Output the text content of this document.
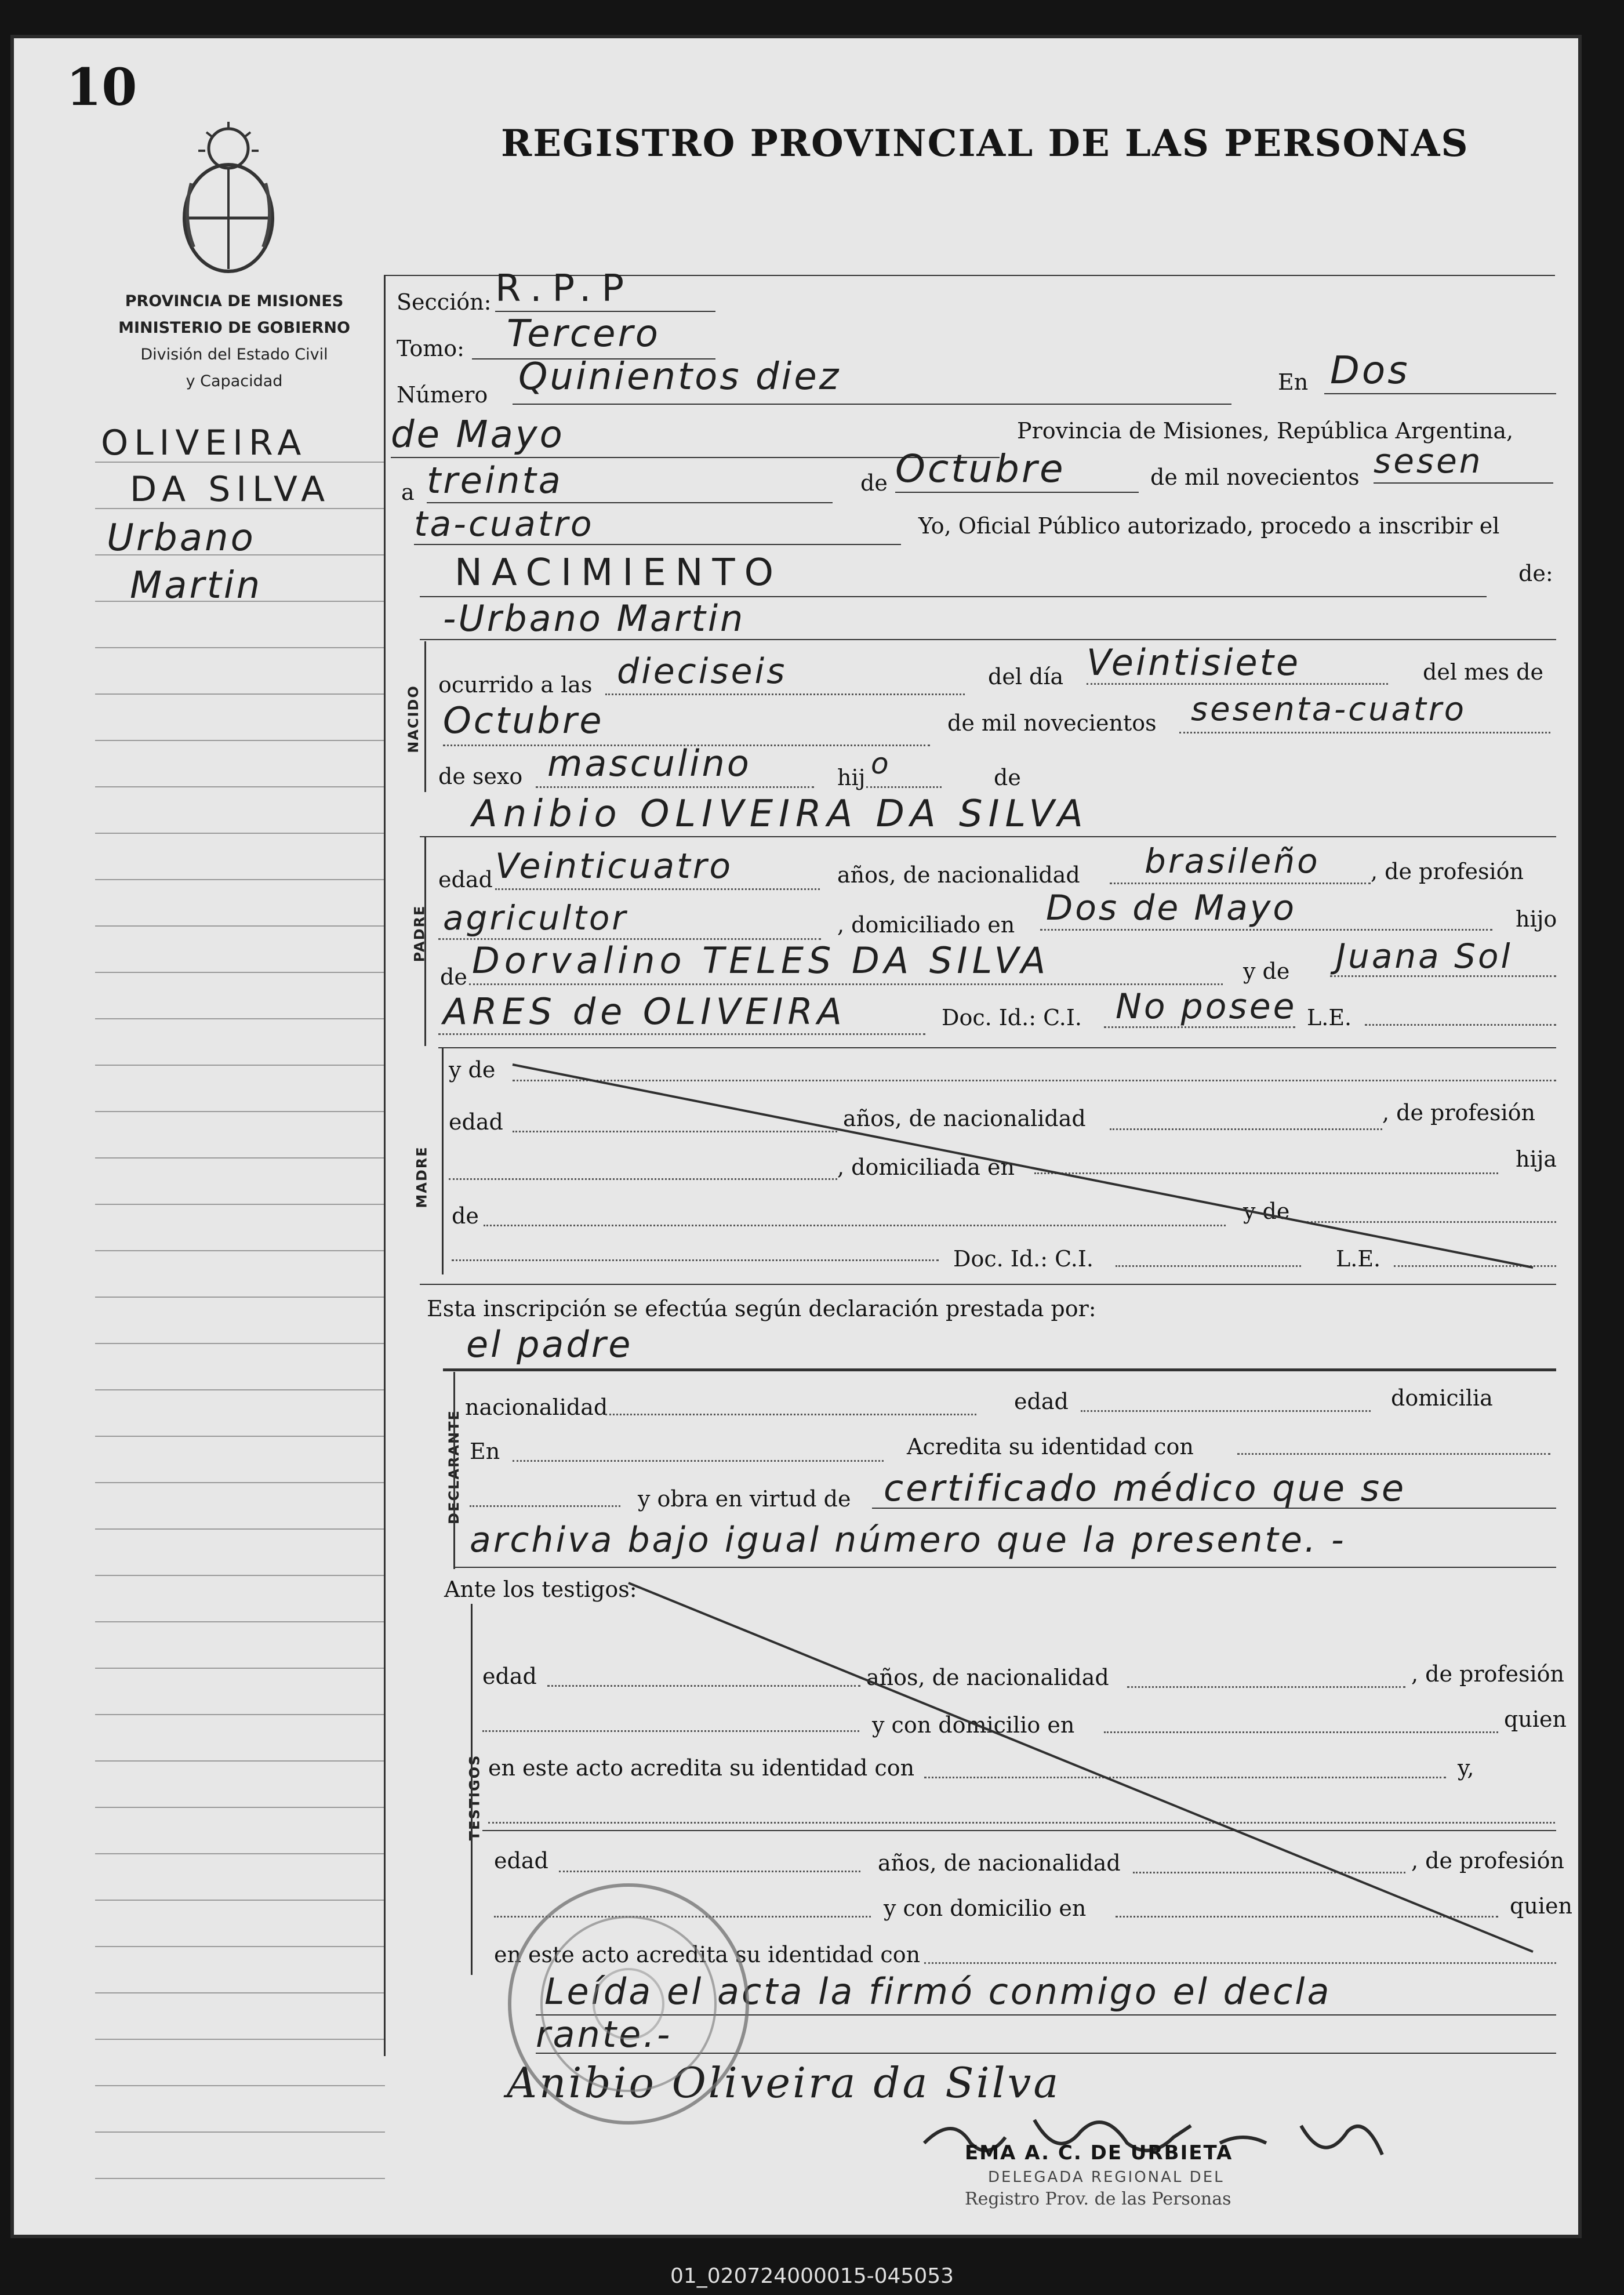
10
REGISTRO PROVINCIAL DE LAS PERSONAS
PROVINCIA DE MISIONES
MINISTERIO DE GOBIERNO
División del Estado Civil
y Capacidad
OLIVEIRA
DA SILVA
Urbano
Martin
Sección: R.P.P
Tomo: Tercero
Número Quinientos diez	En Dos
de Mayo	Provincia de Misiones, República Argentina,
a treinta	de Octubre	de mil novecientos sesen
ta-cuatro	Yo, Oficial Público autorizado, procedo a inscribir el
NACIMIENTO	de:
-Urbano Martin
NACIDO
ocurrido a las dieciseis	del día Veintisiete	del mes de
Octubre	de mil novecientos sesenta-cuatro
de sexo masculino	hij o	de
Anibio OLIVEIRA DA SILVA
PADRE
edad Veinticuatro	años, de nacionalidad brasileño , de profesión
agricultor	, domiciliado en Dos de Mayo	hijo
de Dorvalino TELES DA SILVA	y de Juana Sol
ARES de OLIVEIRA	Doc. Id.: C.I. No posee L.E.
MADRE
y de
edad	años, de nacionalidad	, de profesión
, domiciliada en	hija
de	y de
Doc. Id.: C.I.	L.E.
Esta inscripción se efectúa según declaración prestada por:
el padre
DECLARANTE
nacionalidad	edad	domicilia
En	Acredita su identidad con
y obra en virtud de certificado médico que se
archiva bajo igual número que la presente. -
Ante los testigos:
TESTIGOS
edad	años, de nacionalidad	, de profesión
y con domicilio en	quien
en este acto acredita su identidad con	y,
edad	años, de nacionalidad	, de profesión
y con domicilio en	quien
en este acto acredita su identidad con
Leída el acta la firmó conmigo el decla
rante.-
Anibio Oliveira da Silva
EMA A. C. DE URBIETA
DELEGADA REGIONAL DEL
Registro Prov. de las Personas
01_020724000015-045053
